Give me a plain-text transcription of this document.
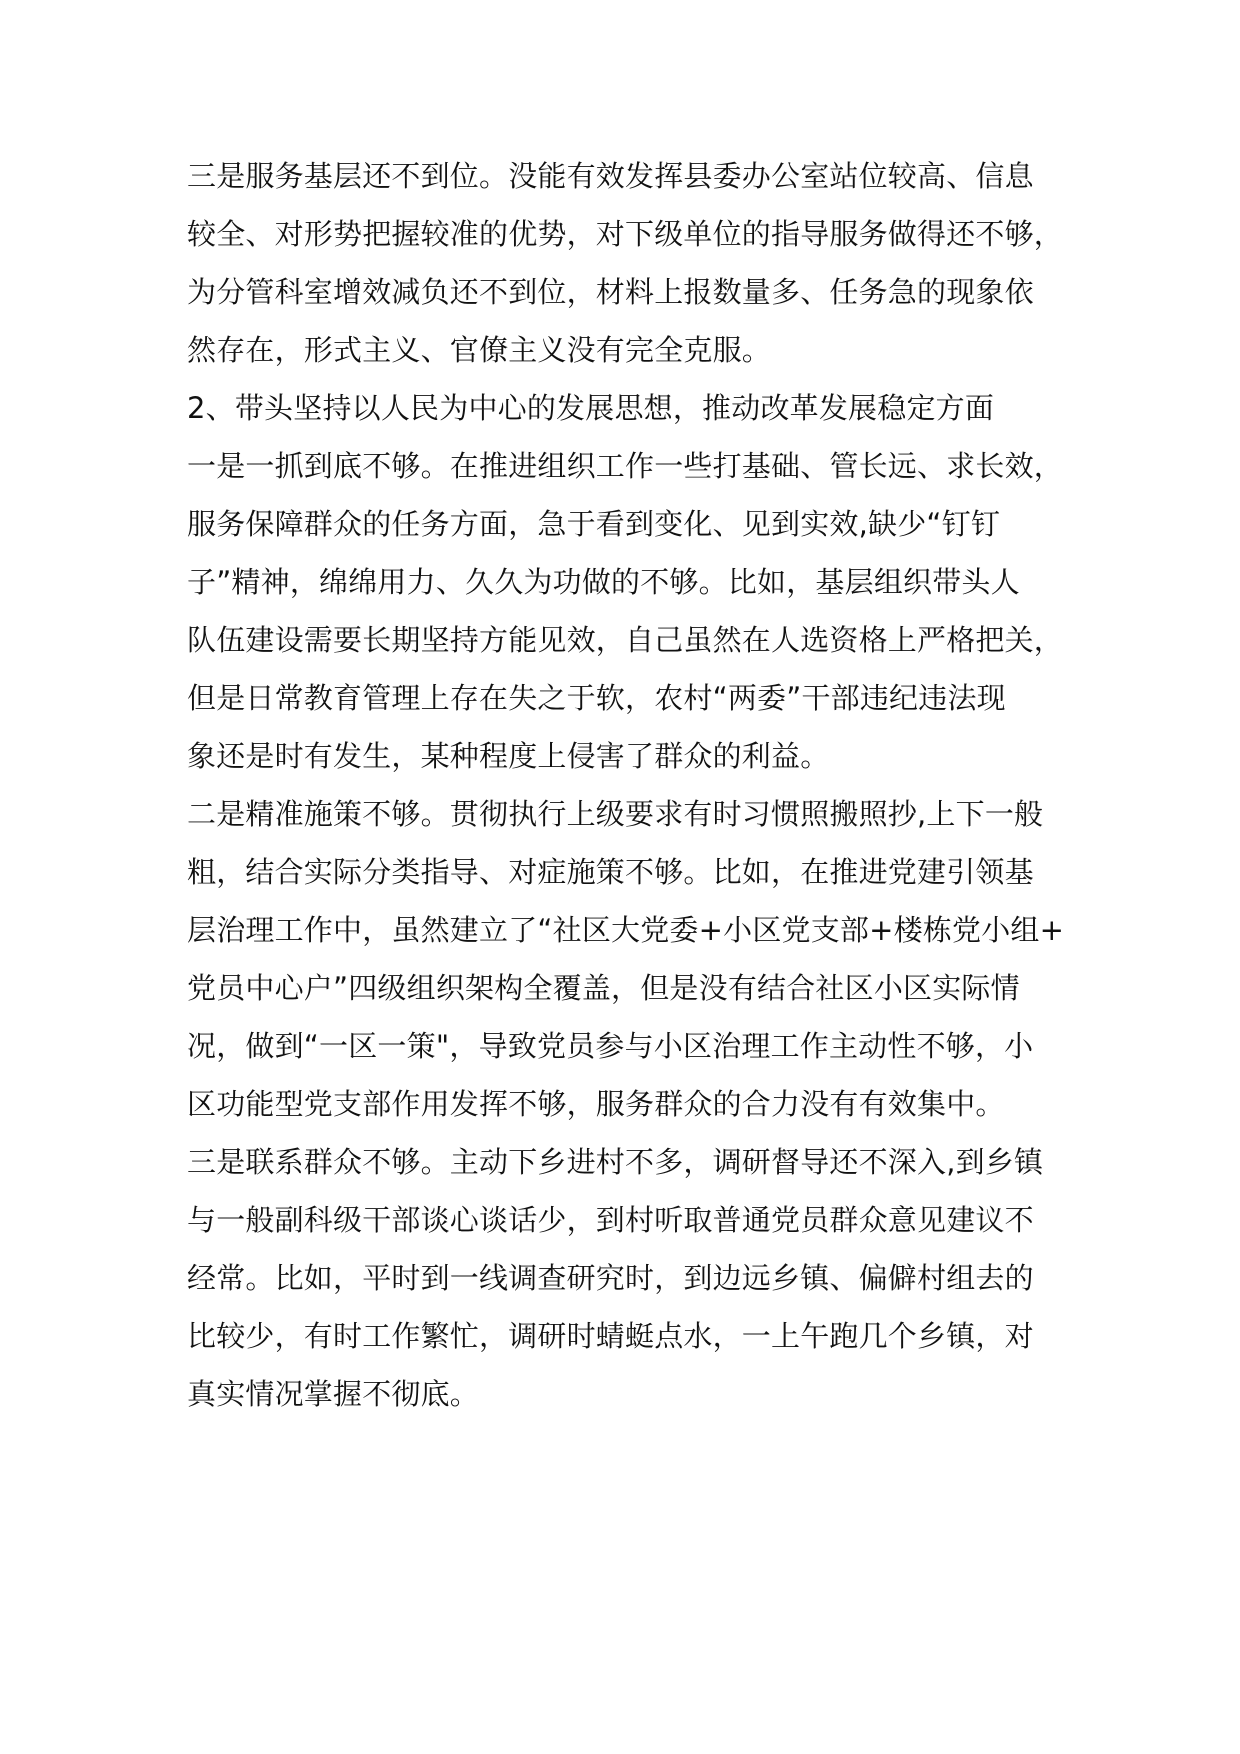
三是服务基层还不到位。没能有效发挥县委办公室站位较高、信息
较全、对形势把握较准的优势，对下级单位的指导服务做得还不够，
为分管科室增效减负还不到位，材料上报数量多、任务急的现象依
然存在，形式主义、官僚主义没有完全克服。
2、带头坚持以人民为中心的发展思想，推动改革发展稳定方面
一是一抓到底不够。在推进组织工作一些打基础、管长远、求长效，
服务保障群众的任务方面，急于看到变化、见到实效,缺少“钉钉
子”精神，绵绵用力、久久为功做的不够。比如，基层组织带头人
队伍建设需要长期坚持方能见效，自己虽然在人选资格上严格把关，
但是日常教育管理上存在失之于软，农村“两委”干部违纪违法现
象还是时有发生，某种程度上侵害了群众的利益。
二是精准施策不够。贯彻执行上级要求有时习惯照搬照抄,上下一般
粗，结合实际分类指导、对症施策不够。比如，在推进党建引领基
层治理工作中，虽然建立了“社区大党委+小区党支部+楼栋党小组+
党员中心户”四级组织架构全覆盖，但是没有结合社区小区实际情
况，做到“一区一策"，导致党员参与小区治理工作主动性不够，小
区功能型党支部作用发挥不够，服务群众的合力没有有效集中。
三是联系群众不够。主动下乡进村不多，调研督导还不深入,到乡镇
与一般副科级干部谈心谈话少，到村听取普通党员群众意见建议不
经常。比如，平时到一线调查研究时，到边远乡镇、偏僻村组去的
比较少，有时工作繁忙，调研时蜻蜓点水，一上午跑几个乡镇，对
真实情况掌握不彻底。
